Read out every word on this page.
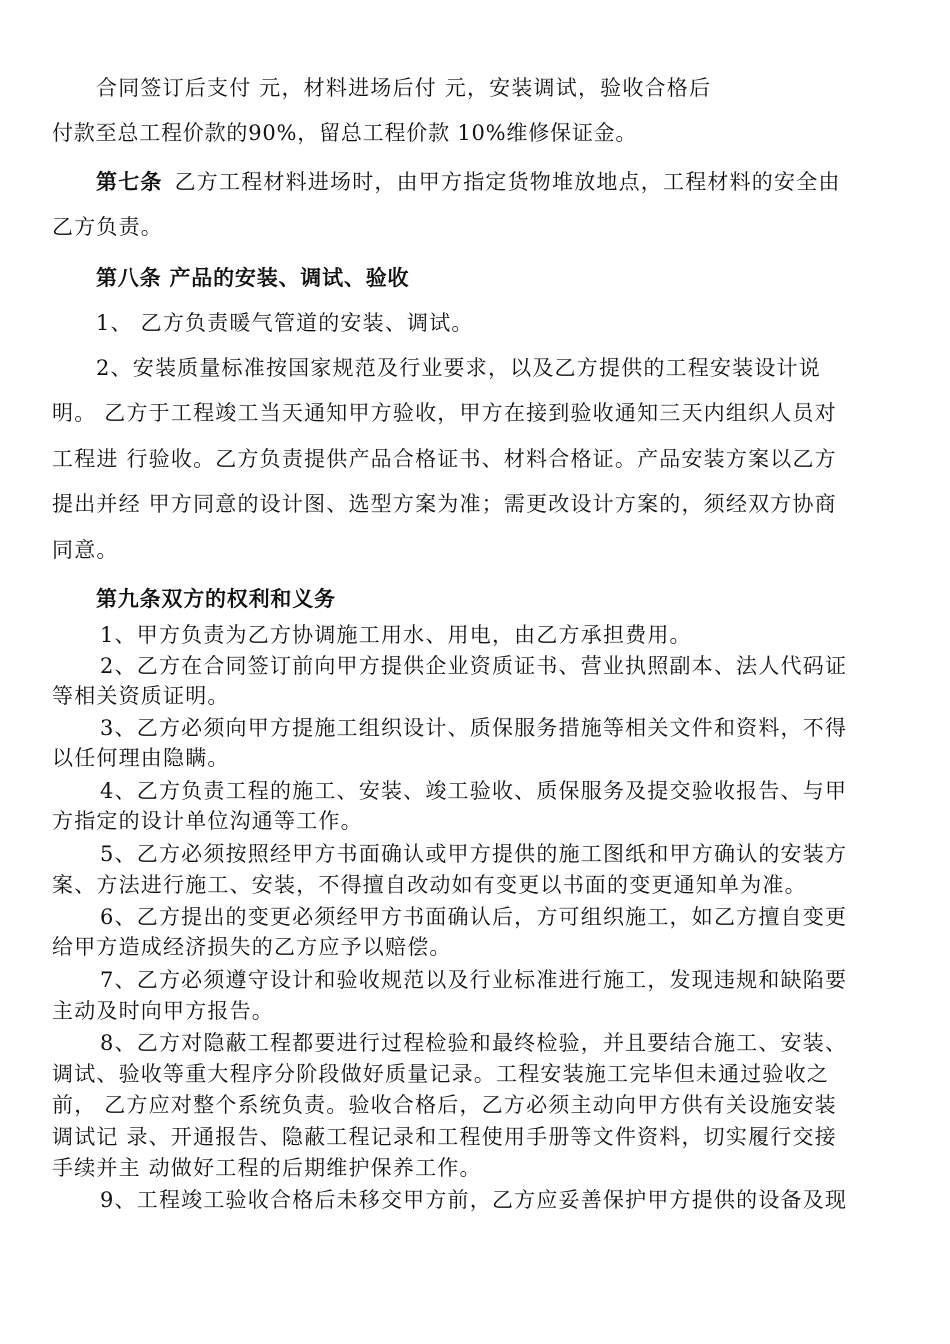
合同签订后支付 元，材料进场后付 元，安装调试，验收合格后
付款至总工程价款的90%，留总工程价款 10%维修保证金。
第七条 乙方工程材料进场时，由甲方指定货物堆放地点，工程材料的安全由
乙方负责。
第八条 产品的安装、调试、验收
1、 乙方负责暖气管道的安装、调试。
2、安装质量标准按国家规范及行业要求，以及乙方提供的工程安装设计说
明。 乙方于工程竣工当天通知甲方验收，甲方在接到验收通知三天内组织人员对
工程进 行验收。乙方负责提供产品合格证书、材料合格证。产品安装方案以乙方
提出并经 甲方同意的设计图、选型方案为准；需更改设计方案的，须经双方协商
同意。
第九条双方的权利和义务
1、甲方负责为乙方协调施工用水、用电，由乙方承担费用。
2、乙方在合同签订前向甲方提供企业资质证书、营业执照副本、法人代码证
等相关资质证明。
3、乙方必须向甲方提施工组织设计、质保服务措施等相关文件和资料，不得
以任何理由隐瞒。
4、乙方负责工程的施工、安装、竣工验收、质保服务及提交验收报告、与甲
方指定的设计单位沟通等工作。
5、乙方必须按照经甲方书面确认或甲方提供的施工图纸和甲方确认的安装方
案、方法进行施工、安装，不得擅自改动如有变更以书面的变更通知单为准。
6、乙方提出的变更必须经甲方书面确认后，方可组织施工，如乙方擅自变更
给甲方造成经济损失的乙方应予以赔偿。
7、乙方必须遵守设计和验收规范以及行业标准进行施工，发现违规和缺陷要
主动及时向甲方报告。
8、乙方对隐蔽工程都要进行过程检验和最终检验，并且要结合施工、安装、
调试、验收等重大程序分阶段做好质量记录。工程安装施工完毕但未通过验收之
前， 乙方应对整个系统负责。验收合格后，乙方必须主动向甲方供有关设施安装
调试记 录、开通报告、隐蔽工程记录和工程使用手册等文件资料，切实履行交接
手续并主 动做好工程的后期维护保养工作。
9、工程竣工验收合格后未移交甲方前，乙方应妥善保护甲方提供的设备及现
